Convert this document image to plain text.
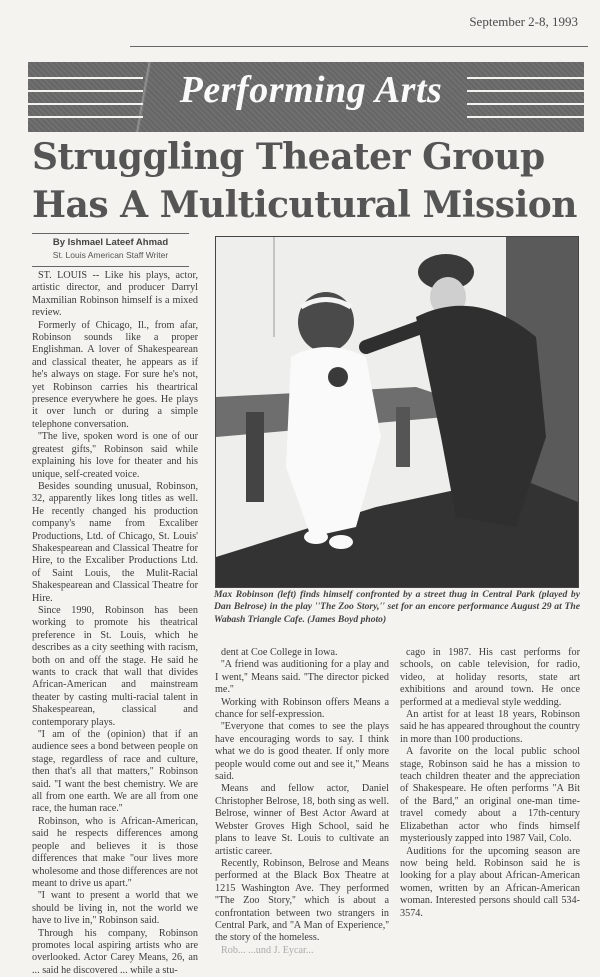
September 2-8, 1993
Performing Arts
Struggling Theater Group
Has A Multicutural Mission
By Ishmael Lateef Ahmad
St. Louis American Staff Writer

ST. LOUIS -- Like his plays, actor, artistic director, and producer Darryl Maxmilian Robinson himself is a mixed review.

Formerly of Chicago, Il., from afar, Robinson sounds like a proper Englishman. A lover of Shakespearean and classical theater, he appears as if he's always on stage. For sure he's not, yet Robinson carries his theartrical presence everywhere he goes. He plays it over lunch or during a simple telephone conversation.

''The live, spoken word is one of our greatest gifts,'' Robinson said while explaining his love for theater and his unique, self-created voice.

Besides sounding unusual, Robinson, 32, apparently likes long titles as well. He recently changed his production company's name from Excaliber Productions, Ltd. of Chicago, St. Louis' Shakespearean and Classical Theatre for Hire, to the Excaliber Productions Ltd. of Saint Louis, the Mulit-Racial Shakespearean and Classical Theatre for Hire.

Since 1990, Robinson has been working to promote his theatrical preference in St. Louis, which he describes as a city seething with racism, both on and off the stage. He said he wants to crack that wall that divides African-American and mainstream theater by casting multi-racial talent in Shakespearean, classical and contemporary plays.

''I am of the (opinion) that if an audience sees a bond between people on stage, regardless of race and culture, then that's all that matters,'' Robinson said. ''I want the best chemistry. We are all from one earth. We are all from one race, the human race.''

Robinson, who is African-American, said he respects differences among people and believes it is those differences that make ''our lives more wholesome and those differences are not meant to drive us apart.''

''I want to present a world that we should be living in, not the world we have to live in,'' Robinson said.

Through his company, Robinson promotes local aspiring artists who are overlooked. Actor Carey Means, 26, an ... said he discovered ... while a stu-

Max Robinson (left) finds himself confronted by a street thug in Central Park (played by Dan Belrose) in the play ''The Zoo Story,'' set for an encore performance August 29 at The Wabash Triangle Cafe. (James Boyd photo)

dent at Coe College in Iowa.

''A friend was auditioning for a play and I went,'' Means said. ''The director picked me.''

Working with Robinson offers Means a chance for self-expression.

''Everyone that comes to see the plays have encouraging words to say. I think what we do is good theater. If only more people would come out and see it,'' Means said.

Means and fellow actor, Daniel Christopher Belrose, 18, both sing as well. Belrose, winner of Best Actor Award at Webster Groves High School, said he plans to leave St. Louis to cultivate an artistic career.

Recently, Robinson, Belrose and Means performed at the Black Box Theatre at 1215 Washington Ave. They performed ''The Zoo Story,'' which is about a confrontation between two strangers in Central Park, and ''A Man of Experience,'' the story of the homeless.

Rob... ...und J. Eycar...

cago in 1987. His cast performs for schools, on cable television, for radio, video, at holiday resorts, state art exhibitions and around town. He once performed at a medieval style wedding.

An artist for at least 18 years, Robinson said he has appeared throughout the country in more than 100 productions.

A favorite on the local public school stage, Robinson said he has a mission to teach children theater and the appreciation of Shakespeare. He often performs ''A Bit of the Bard,'' an original one-man time-travel comedy about a 17th-century Elizabethan actor who finds himself mysteriously zapped into 1987 Vail, Colo.

Auditions for the upcoming season are now being held. Robinson said he is looking for a play about African-American women, written by an African-American woman. Interested persons should call 534-3574.
